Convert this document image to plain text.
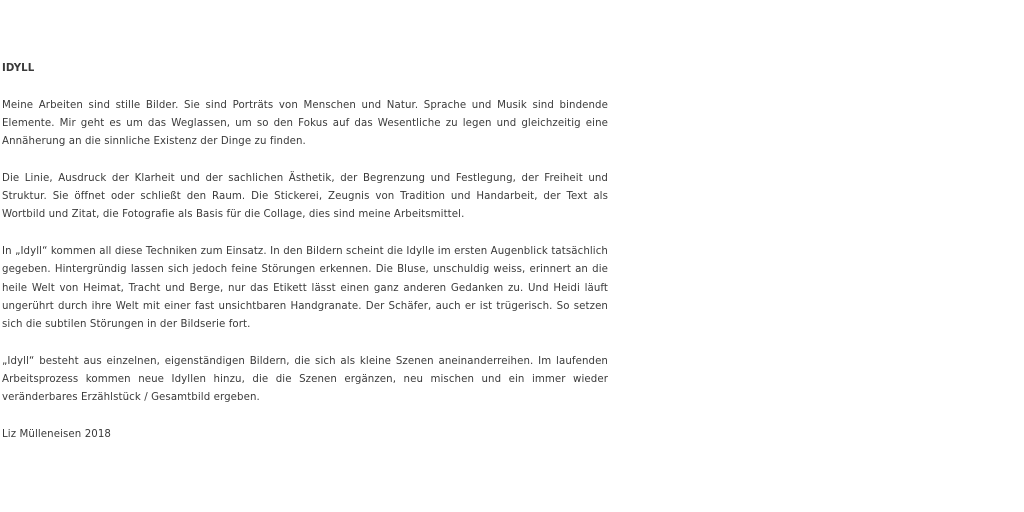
IDYLL

Meine Arbeiten sind stille Bilder. Sie sind Porträts von Menschen und Natur. Sprache und Musik sind bindende Elemente. Mir geht es um das Weglassen, um so den Fokus auf das Wesentliche zu legen und gleichzeitig eine Annäherung an die sinnliche Existenz der Dinge zu finden.

Die Linie, Ausdruck der Klarheit und der sachlichen Ästhetik, der Begrenzung und Festlegung, der Freiheit und Struktur. Sie öffnet oder schließt den Raum. Die Stickerei, Zeugnis von Tradition und Handarbeit, der Text als Wortbild und Zitat, die Fotografie als Basis für die Collage, dies sind meine Arbeitsmittel.

In „Idyll“ kommen all diese Techniken zum Einsatz. In den Bildern scheint die Idylle im ersten Augenblick tatsächlich gegeben. Hintergründig lassen sich jedoch feine Störungen erkennen. Die Bluse, unschuldig weiss, erinnert an die heile Welt von Heimat, Tracht und Berge, nur das Etikett lässt einen ganz anderen Gedanken zu. Und Heidi läuft ungerührt durch ihre Welt mit einer fast unsichtbaren Handgranate. Der Schäfer, auch er ist trügerisch. So setzen sich die subtilen Störungen in der Bildserie fort.

„Idyll“ besteht aus einzelnen, eigenständigen Bildern, die sich als kleine Szenen aneinanderreihen. Im laufenden Arbeitsprozess kommen neue Idyllen hinzu, die die Szenen ergänzen, neu mischen und ein immer wieder veränderbares Erzählstück / Gesamtbild ergeben.

Liz Mülleneisen 2018
